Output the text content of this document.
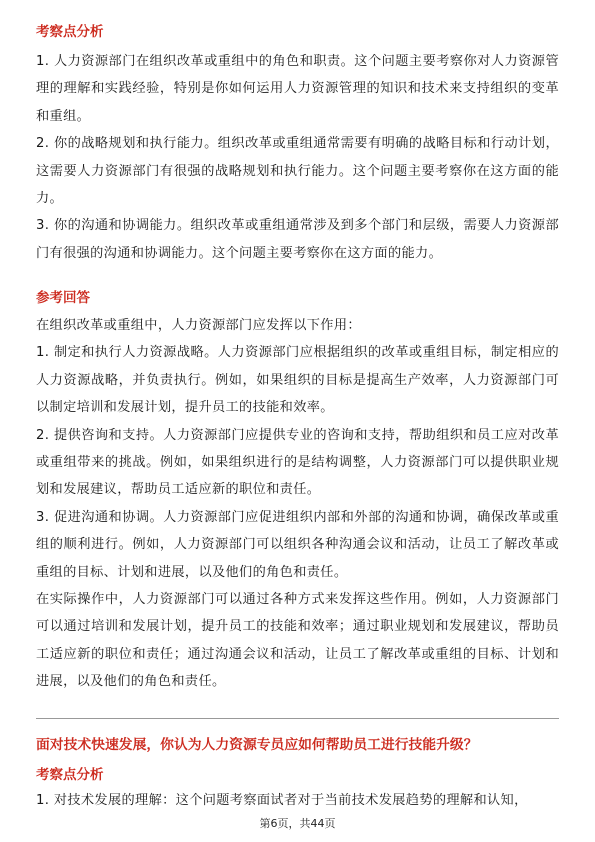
考察点分析

1. 人力资源部门在组织改革或重组中的角色和职责。这个问题主要考察你对人力资源管理的理解和实践经验，特别是你如何运用人力资源管理的知识和技术来支持组织的变革和重组。

2. 你的战略规划和执行能力。组织改革或重组通常需要有明确的战略目标和行动计划，这需要人力资源部门有很强的战略规划和执行能力。这个问题主要考察你在这方面的能力。

3. 你的沟通和协调能力。组织改革或重组通常涉及到多个部门和层级，需要人力资源部门有很强的沟通和协调能力。这个问题主要考察你在这方面的能力。

参考回答

在组织改革或重组中，人力资源部门应发挥以下作用：

1. 制定和执行人力资源战略。人力资源部门应根据组织的改革或重组目标，制定相应的人力资源战略，并负责执行。例如，如果组织的目标是提高生产效率，人力资源部门可以制定培训和发展计划，提升员工的技能和效率。

2. 提供咨询和支持。人力资源部门应提供专业的咨询和支持，帮助组织和员工应对改革或重组带来的挑战。例如，如果组织进行的是结构调整，人力资源部门可以提供职业规划和发展建议，帮助员工适应新的职位和责任。

3. 促进沟通和协调。人力资源部门应促进组织内部和外部的沟通和协调，确保改革或重组的顺利进行。例如，人力资源部门可以组织各种沟通会议和活动，让员工了解改革或重组的目标、计划和进展，以及他们的角色和责任。

在实际操作中，人力资源部门可以通过各种方式来发挥这些作用。例如，人力资源部门可以通过培训和发展计划，提升员工的技能和效率；通过职业规划和发展建议，帮助员工适应新的职位和责任；通过沟通会议和活动，让员工了解改革或重组的目标、计划和进展，以及他们的角色和责任。

面对技术快速发展，你认为人力资源专员应如何帮助员工进行技能升级？
考察点分析

1. 对技术发展的理解：这个问题考察面试者对于当前技术发展趋势的理解和认知，

第6页，共44页
